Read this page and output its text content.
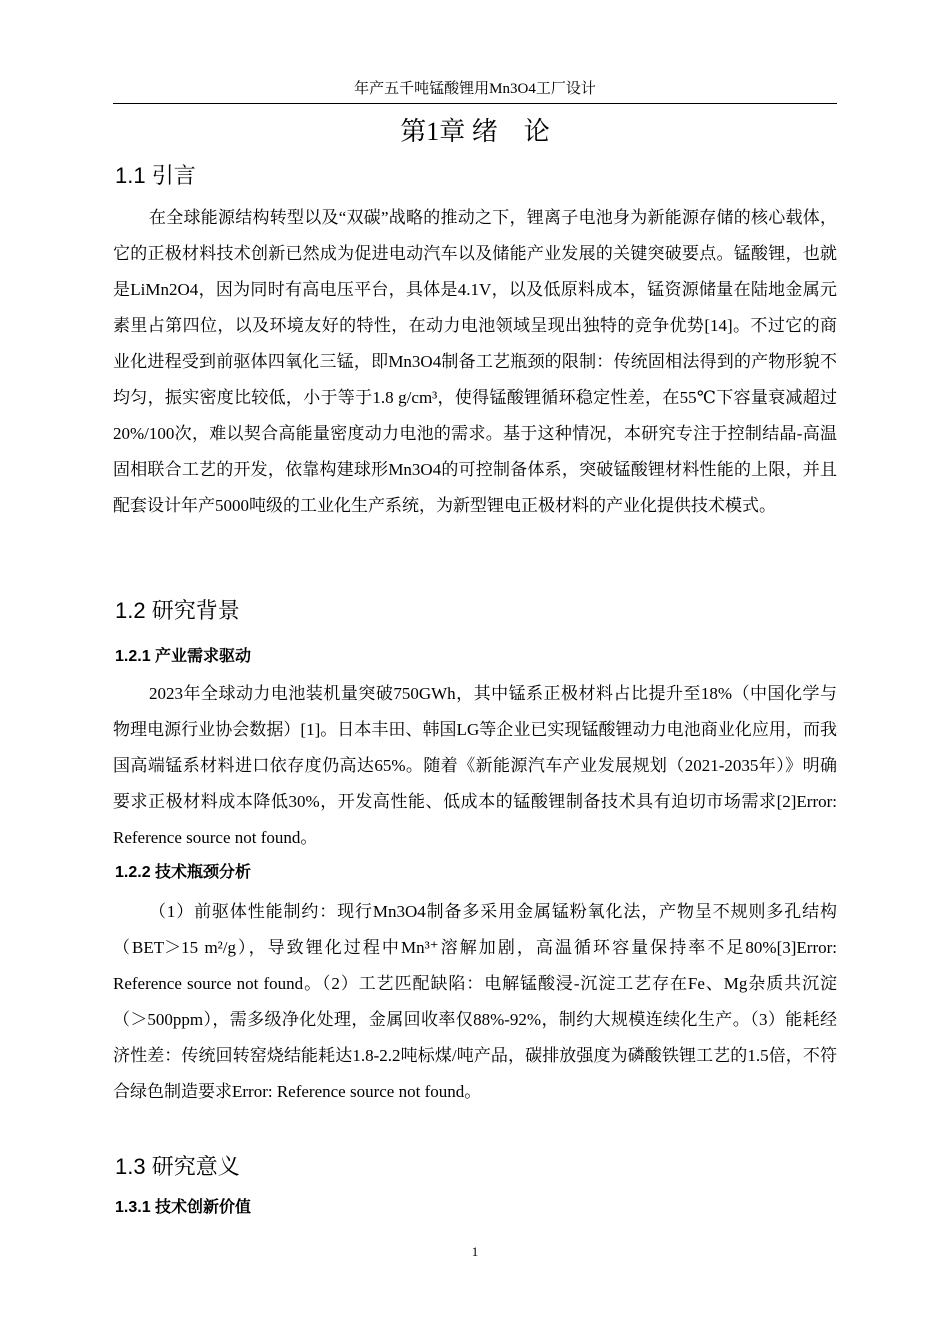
年产五千吨锰酸锂用Mn3O4工厂设计
第1章 绪　论
1.1 引言

在全球能源结构转型以及“双碳”战略的推动之下，锂离子电池身为新能源存储的核心载体，它的正极材料技术创新已然成为促进电动汽车以及储能产业发展的关键突破要点。锰酸锂，也就是LiMn2O4，因为同时有高电压平台，具体是4.1V，以及低原料成本，锰资源储量在陆地金属元素里占第四位，以及环境友好的特性，在动力电池领域呈现出独特的竞争优势[14]。不过它的商业化进程受到前驱体四氧化三锰，即Mn3O4制备工艺瓶颈的限制：传统固相法得到的产物形貌不均匀，振实密度比较低，小于等于1.8 g/cm³，使得锰酸锂循环稳定性差，在55℃下容量衰减超过20%/100次，难以契合高能量密度动力电池的需求。基于这种情况，本研究专注于控制结晶-高温固相联合工艺的开发，依靠构建球形Mn3O4的可控制备体系，突破锰酸锂材料性能的上限，并且配套设计年产5000吨级的工业化生产系统，为新型锂电正极材料的产业化提供技术模式。

1.2 研究背景
1.2.1 产业需求驱动

2023年全球动力电池装机量突破750GWh，其中锰系正极材料占比提升至18%（中国化学与物理电源行业协会数据）[1]。日本丰田、韩国LG等企业已实现锰酸锂动力电池商业化应用，而我国高端锰系材料进口依存度仍高达65%。随着《新能源汽车产业发展规划（2021-2035年）》明确要求正极材料成本降低30%，开发高性能、低成本的锰酸锂制备技术具有迫切市场需求[2]Error: Reference source not found。

1.2.2 技术瓶颈分析

（1）前驱体性能制约：现行Mn3O4制备多采用金属锰粉氧化法，产物呈不规则多孔结构（BET＞15 m²/g），导致锂化过程中Mn³⁺溶解加剧，高温循环容量保持率不足80%[3]Error: Reference source not found。（2）工艺匹配缺陷：电解锰酸浸-沉淀工艺存在Fe、Mg杂质共沉淀（＞500ppm），需多级净化处理，金属回收率仅88%-92%，制约大规模连续化生产。（3）能耗经济性差：传统回转窑烧结能耗达1.8-2.2吨标煤/吨产品，碳排放强度为磷酸铁锂工艺的1.5倍，不符合绿色制造要求Error: Reference source not found。

1.3 研究意义
1.3.1 技术创新价值
1
